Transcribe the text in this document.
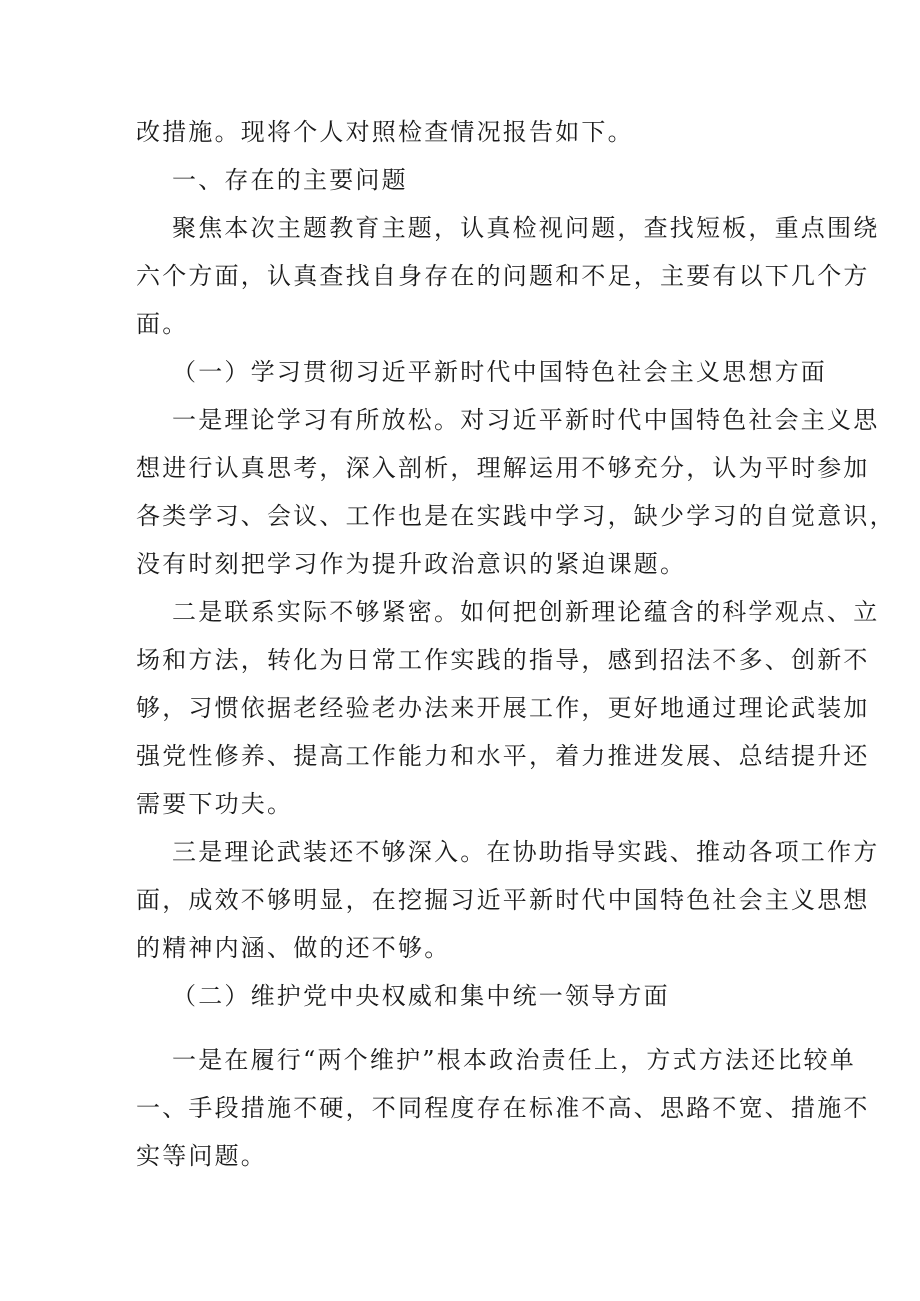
改措施。现将个人对照检查情况报告如下。
一、存在的主要问题
聚焦本次主题教育主题，认真检视问题，查找短板，重点围绕
六个方面，认真查找自身存在的问题和不足，主要有以下几个方
面。
（一）学习贯彻习近平新时代中国特色社会主义思想方面
一是理论学习有所放松。对习近平新时代中国特色社会主义思
想进行认真思考，深入剖析，理解运用不够充分，认为平时参加
各类学习、会议、工作也是在实践中学习，缺少学习的自觉意识，
没有时刻把学习作为提升政治意识的紧迫课题。
二是联系实际不够紧密。如何把创新理论蕴含的科学观点、立
场和方法，转化为日常工作实践的指导，感到招法不多、创新不
够，习惯依据老经验老办法来开展工作，更好地通过理论武装加
强党性修养、提高工作能力和水平，着力推进发展、总结提升还
需要下功夫。
三是理论武装还不够深入。在协助指导实践、推动各项工作方
面，成效不够明显，在挖掘习近平新时代中国特色社会主义思想
的精神内涵、做的还不够。
（二）维护党中央权威和集中统一领导方面
一是在履行“两个维护”根本政治责任上，方式方法还比较单
一、手段措施不硬，不同程度存在标准不高、思路不宽、措施不
实等问题。
